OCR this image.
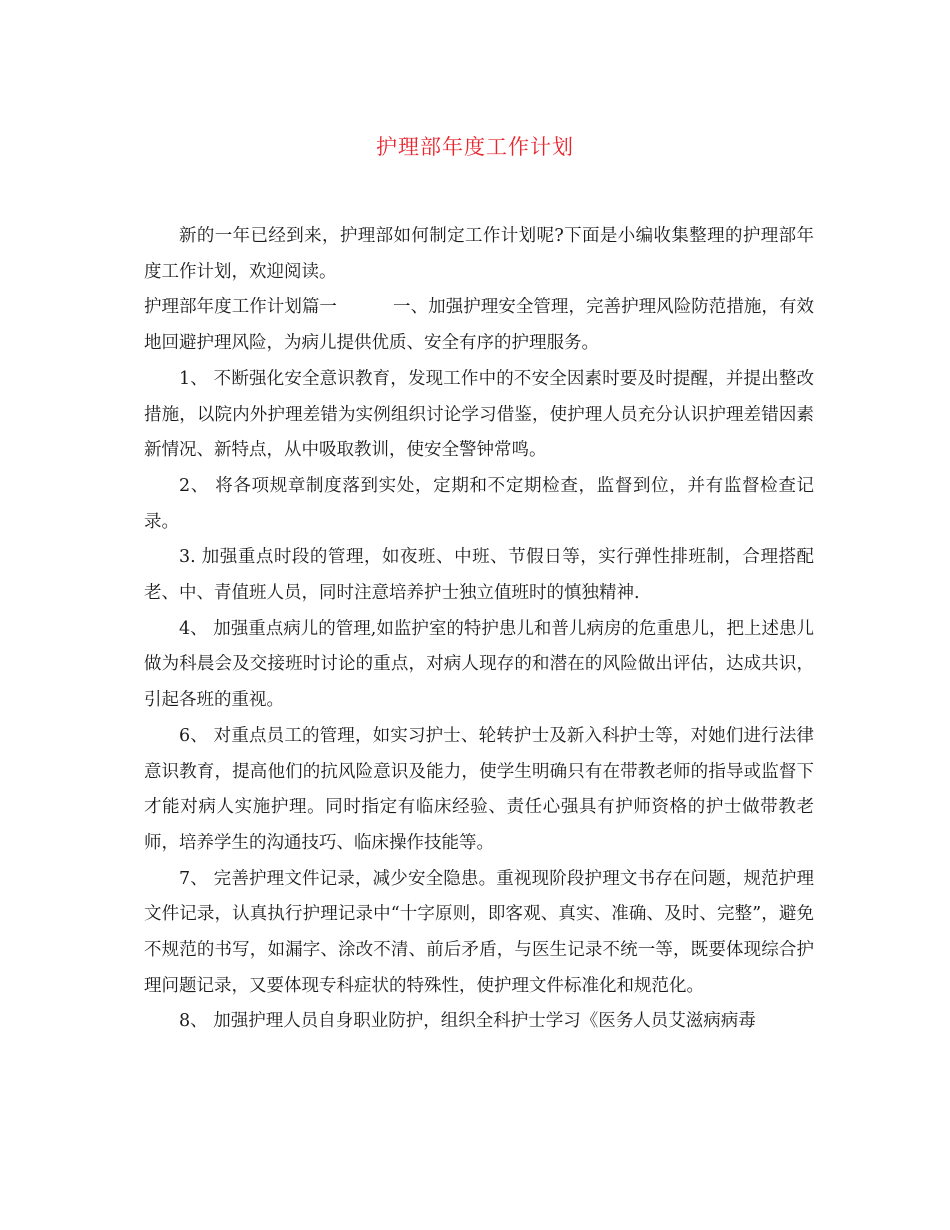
护理部年度工作计划

新的一年已经到来，护理部如何制定工作计划呢?下面是小编收集整理的护理部年度工作计划，欢迎阅读。

护理部年度工作计划篇一	一、加强护理安全管理，完善护理风险防范措施，有效地回避护理风险，为病儿提供优质、安全有序的护理服务。

1、 不断强化安全意识教育，发现工作中的不安全因素时要及时提醒，并提出整改措施，以院内外护理差错为实例组织讨论学习借鉴，使护理人员充分认识护理差错因素新情况、新特点，从中吸取教训，使安全警钟常鸣。

2、 将各项规章制度落到实处，定期和不定期检查，监督到位，并有监督检查记录。

3. 加强重点时段的管理，如夜班、中班、节假日等，实行弹性排班制，合理搭配老、中、青值班人员，同时注意培养护士独立值班时的慎独精神.

4、 加强重点病儿的管理,如监护室的特护患儿和普儿病房的危重患儿，把上述患儿做为科晨会及交接班时讨论的重点，对病人现存的和潜在的风险做出评估，达成共识，引起各班的重视。

6、 对重点员工的管理，如实习护士、轮转护士及新入科护士等，对她们进行法律意识教育，提高他们的抗风险意识及能力，使学生明确只有在带教老师的指导或监督下才能对病人实施护理。同时指定有临床经验、责任心强具有护师资格的护士做带教老师，培养学生的沟通技巧、临床操作技能等。

7、 完善护理文件记录，减少安全隐患。重视现阶段护理文书存在问题，规范护理文件记录，认真执行护理记录中“十字原则，即客观、真实、准确、及时、完整”，避免不规范的书写，如漏字、涂改不清、前后矛盾，与医生记录不统一等，既要体现综合护理问题记录，又要体现专科症状的特殊性，使护理文件标准化和规范化。

8、 加强护理人员自身职业防护，组织全科护士学习《医务人员艾滋病病毒
